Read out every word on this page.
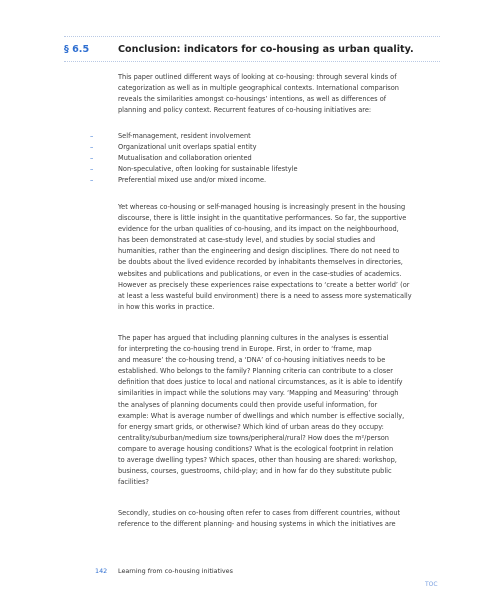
§ 6.5	Conclusion: indicators for co-housing as urban quality.

This paper outlined different ways of looking at co-housing: through several kinds of

categorization as well as in multiple geographical contexts. International comparison

reveals the similarities amongst co-housings’ intentions, as well as differences of

planning and policy context. Recurrent features of co-housing initiatives are:

–	Self-management, resident involvement
–	Organizational unit overlaps spatial entity
–	Mutualisation and collaboration oriented
–	Non-speculative, often looking for sustainable lifestyle
–	Preferential mixed use and/or mixed income.

Yet whereas co-housing or self-managed housing is increasingly present in the housing

discourse, there is little insight in the quantitative performances. So far, the supportive

evidence for the urban qualities of co-housing, and its impact on the neighbourhood,

has been demonstrated at case-study level, and studies by social studies and

humanities, rather than the engineering and design disciplines. There do not need to

be doubts about the lived evidence recorded by inhabitants themselves in directories,

websites and publications and publications, or even in the case-studies of academics.

However as precisely these experiences raise expectations to ‘create a better world’ (or

at least a less wasteful build environment) there is a need to assess more systematically

in how this works in practice.

The paper has argued that including planning cultures in the analyses is essential

for interpreting the co-housing trend in Europe. First, in order to ‘frame, map

and measure’ the co-housing trend, a ‘DNA’ of co-housing initiatives needs to be

established. Who belongs to the family? Planning criteria can contribute to a closer

definition that does justice to local and national circumstances, as it is able to identify

similarities in impact while the solutions may vary. ‘Mapping and Measuring’ through

the analyses of planning documents could then provide useful information, for

example: What is average number of dwellings and which number is effective socially,

for energy smart grids, or otherwise? Which kind of urban areas do they occupy:

centrality/suburban/medium size towns/peripheral/rural? How does the m²/person

compare to average housing conditions? What is the ecological footprint in relation

to average dwelling types? Which spaces, other than housing are shared: workshop,

business, courses, guestrooms, child-play; and in how far do they substitute public

facilities?

Secondly, studies on co-housing often refer to cases from different countries, without

reference to the different planning- and housing systems in which the initiatives are

142 Learning from co-housing initiatives
TOC
